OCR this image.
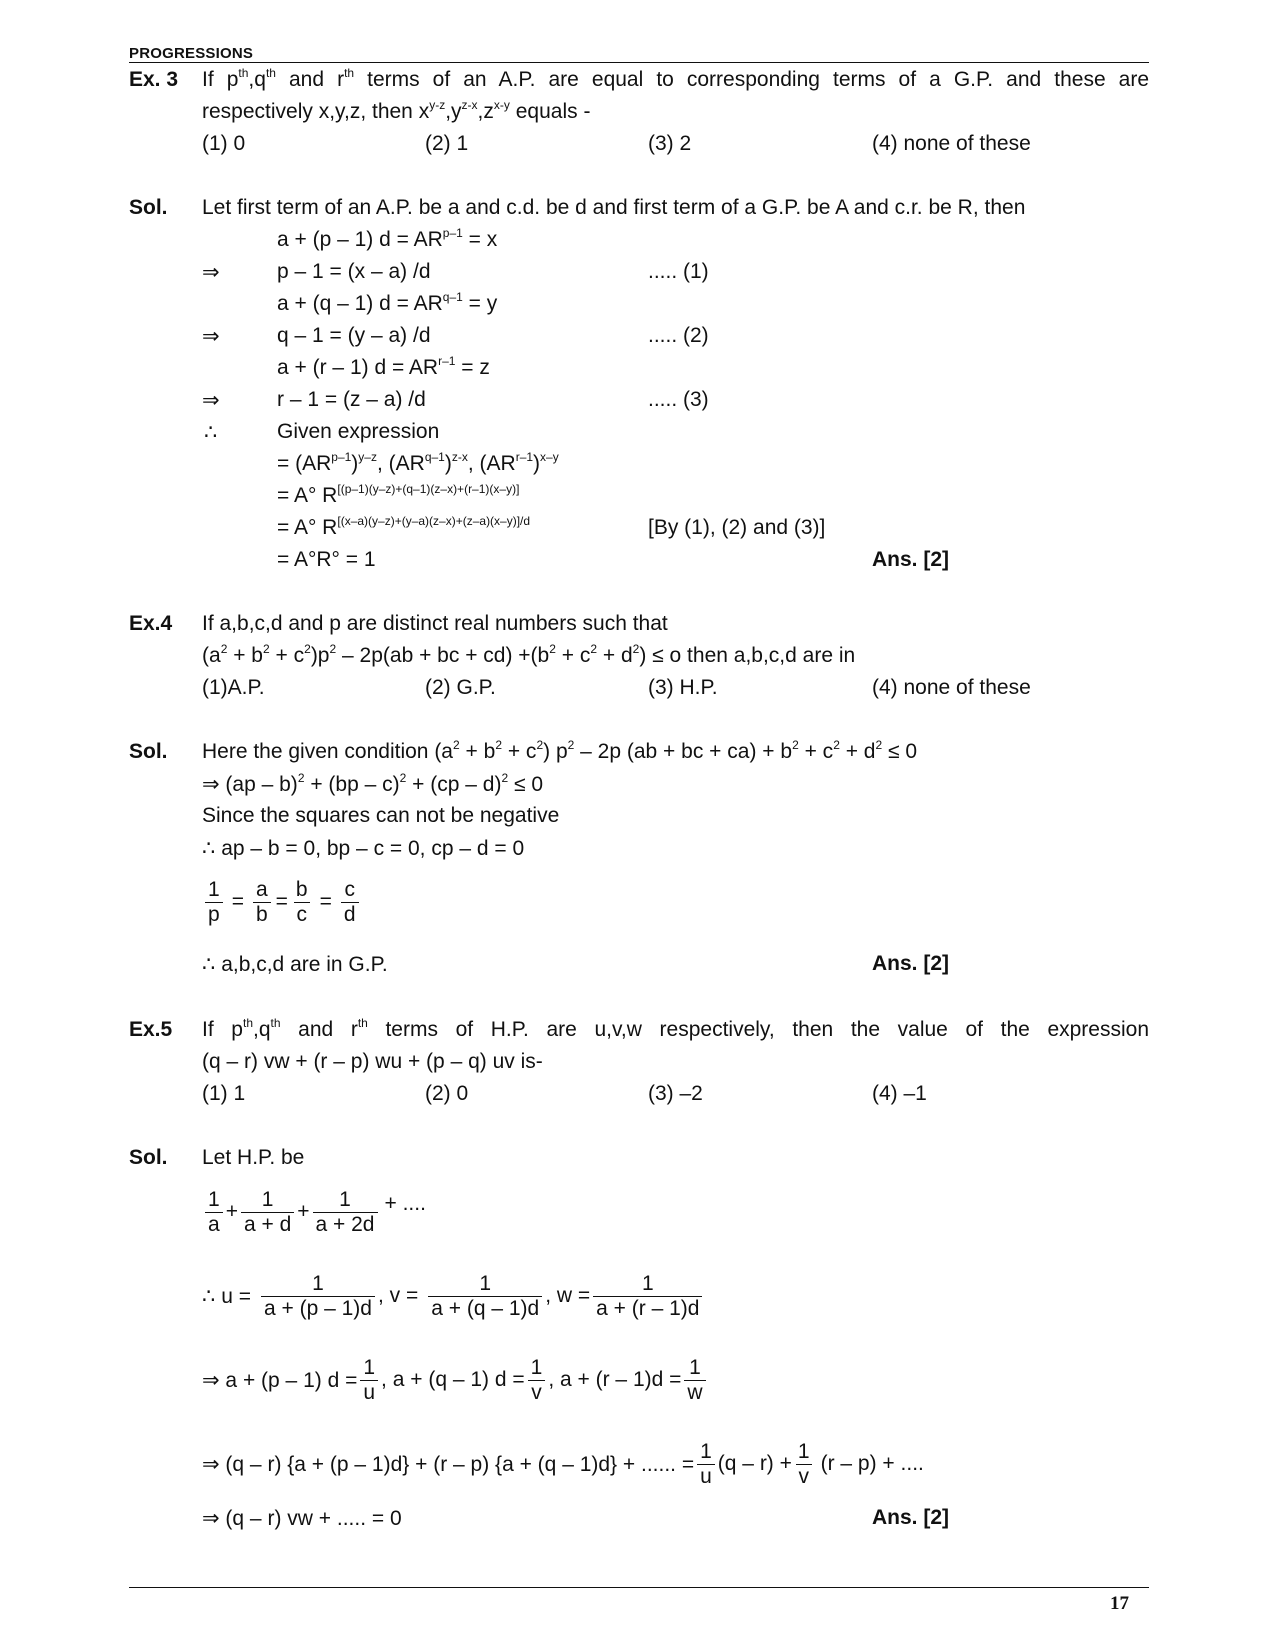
PROGRESSIONS
17
Ex. 3 If $p^{th},q^{th}$ and $r^{th}$ terms of an A.P. are equal to corresponding terms of a G.P. and these are
respectively x,y,z, then $x^{y-z},y^{z-x},z^{x-y}$ equals -
(1) 0	(2) 1	(3) 2	(4) none of these
Sol. Let first term of an A.P. be a and c.d. be d and first term of a G.P. be A and c.r. be R, then
a + (p – 1) $d = AR^{p-1} = x$
⇒	p – 1 = (x – a) /d	..... (1)
a + (q – 1) $d = AR^{q-1} = y$
⇒	q – 1 = (y – a) /d	..... (2)
a + (r – 1) $d = AR^{r-1} = z$
⇒	r – 1 = (z – a) /d	..... (3)
∴	Given expression
= $(AR^{p-1})^{y-z}$, $(AR^{q-1})^{z-x}$, $(AR^{r-1})^{x-y}$
= A° R[(p–1)(y–z)+(q–1)(z–x)+(r–1)(x–y)]
= A° $R^{[(x-a)(y-z)+(y-a)(z-x)+(z-a)(x-y)]/d}$	[By (1), (2) and (3)]
= A°R° = 1	Ans. [2]
Ex.4 If a,b,c,d and p are distinct real numbers such that
$(a^2 + b^2 + c^2)p^2 - 2p(ab$ + bc + $cd) +(b^2 + c^2 + d^2) \le o$ then a,b,c,d are in
(1)A.P.	(2) G.P.	(3) H.P.	(4) none of these
Sol. Here the given condition $(a^2 + b^2 + c^2)$ $p^2 - 2p$ (ab + bc + $ca) + b^2 + c^2 + d^2 \le 0$
⇒ (ap – b)$^2$ + (bp – c)$^2$ + (cp – d)$^2$ ≤ 0
Since the squares can not be negative
∴ ap – b = 0, bp – c = 0, cp – d = 0
$\frac{1}{p} = \frac{a}{b} = \frac{b}{c} = \frac{c}{d}$
∴ a,b,c,d are in G.P.	Ans. [2]
Ex.5 If $p^{th},q^{th}$ and $r^{th}$ terms of H.P. are u,v,w respectively, then the value of the expression
(q – r) vw + (r – p) wu + (p – q) uv is-
(1) 1	(2) 0	(3) –2	(4) –1
Sol. Let H.P. be
$\frac{1}{a} + \frac{1}{a + d} + \frac{1}{a + 2d}$ + ....
∴ $u = \frac{1}{a + (p - 1)d}$ , $v = \frac{1}{a + (q - 1)d}$ , $w = \frac{1}{a + (r - 1)d}$
⇒ a + (p – 1) $d = \frac{1}{u}$ , a + (q – 1) $d = \frac{1}{v}$ , $a + (r - 1)d = \frac{1}{w}$
⇒ (q – r) {a + (p – 1)d} + (r – p) {a + (q – 1)d} + ...... = $\frac{1}{u} (q - r) + \frac{1}{v} (r - p)$ + ....
⇒ (q – r) vw + ..... = 0	Ans. [2]
